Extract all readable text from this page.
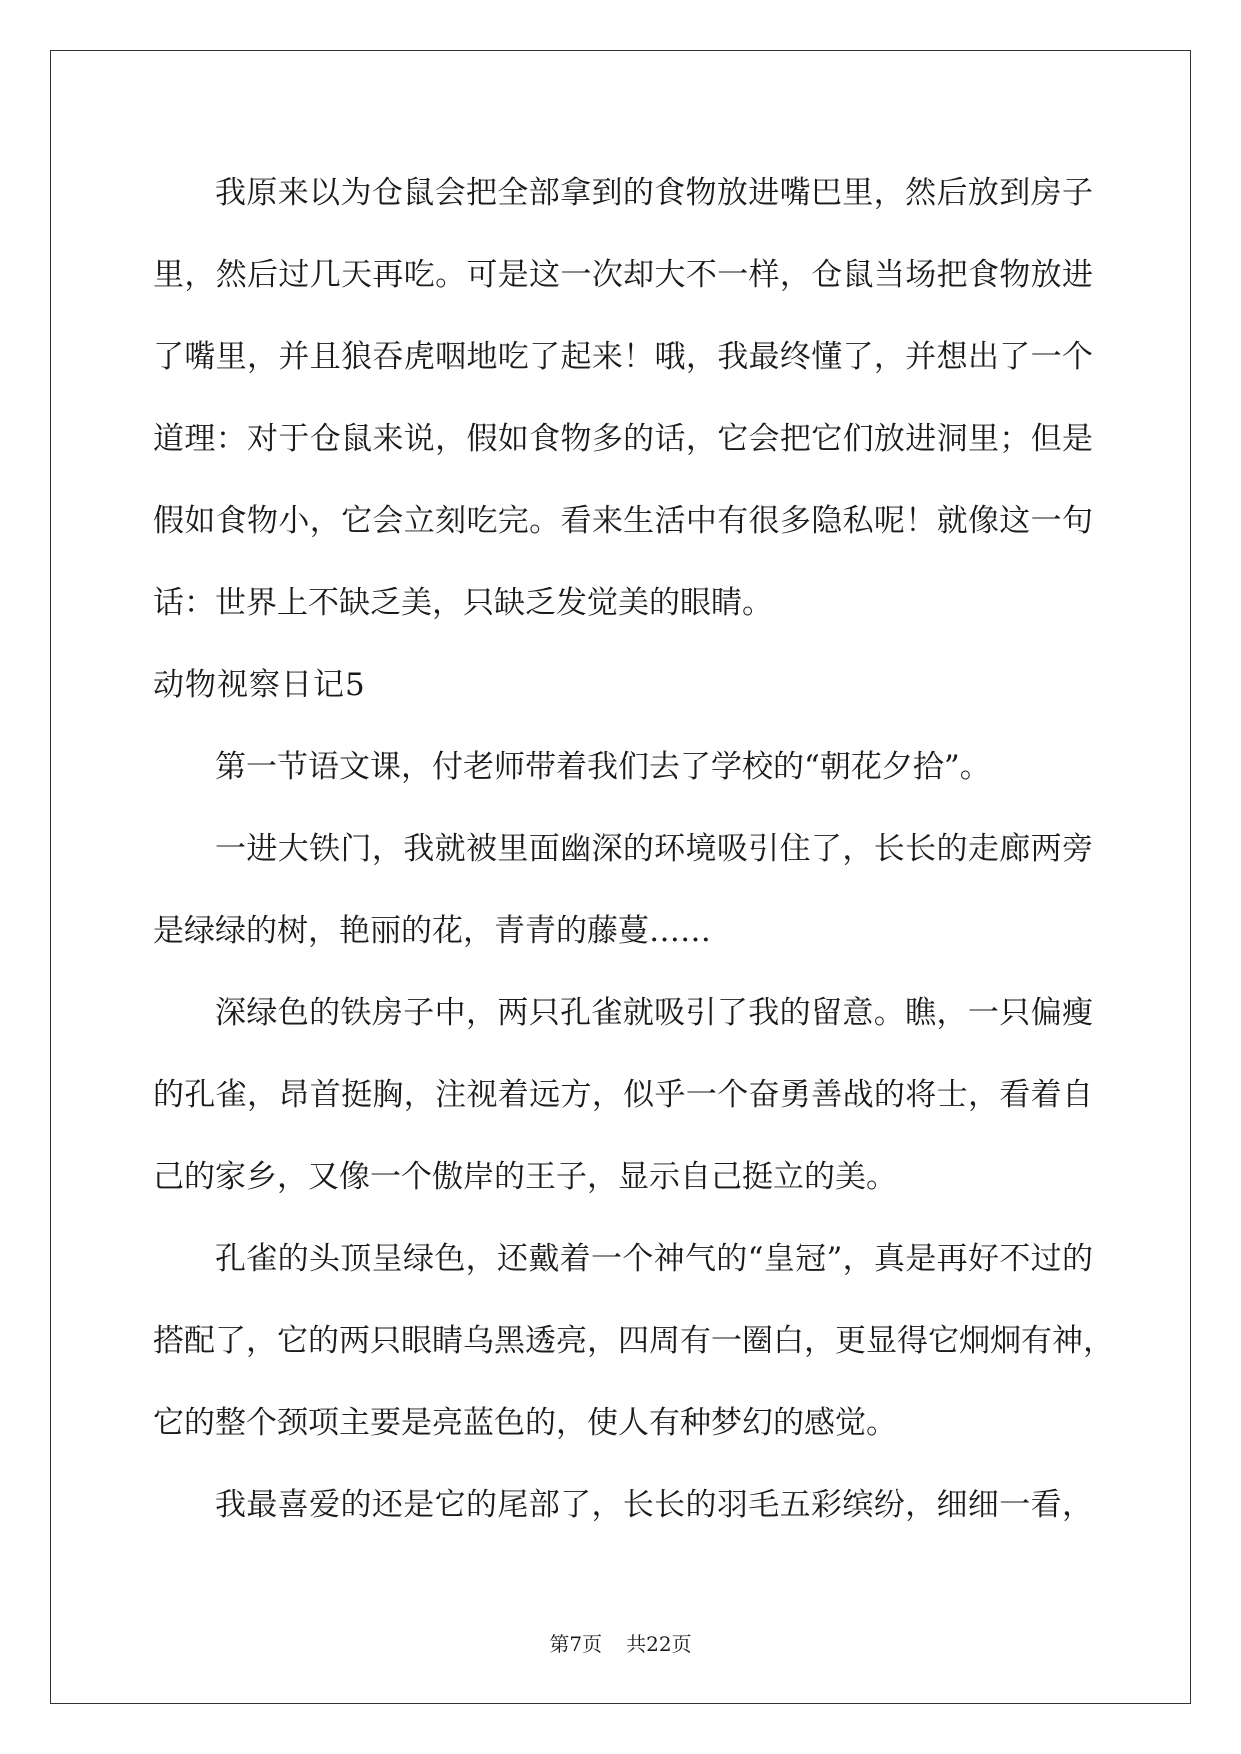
我原来以为仓鼠会把全部拿到的食物放进嘴巴里，然后放到房子
里，然后过几天再吃。可是这一次却大不一样，仓鼠当场把食物放进
了嘴里，并且狼吞虎咽地吃了起来！哦，我最终懂了，并想出了一个
道理：对于仓鼠来说，假如食物多的话，它会把它们放进洞里；但是
假如食物小，它会立刻吃完。看来生活中有很多隐私呢！就像这一句
话：世界上不缺乏美，只缺乏发觉美的眼睛。
动物视察日记5
第一节语文课，付老师带着我们去了学校的“朝花夕拾”。
一进大铁门，我就被里面幽深的环境吸引住了，长长的走廊两旁
是绿绿的树，艳丽的花，青青的藤蔓……
深绿色的铁房子中，两只孔雀就吸引了我的留意。瞧，一只偏瘦
的孔雀，昂首挺胸，注视着远方，似乎一个奋勇善战的将士，看着自
己的家乡，又像一个傲岸的王子，显示自己挺立的美。
孔雀的头顶呈绿色，还戴着一个神气的“皇冠”，真是再好不过的
搭配了，它的两只眼睛乌黑透亮，四周有一圈白，更显得它炯炯有神，
它的整个颈项主要是亮蓝色的，使人有种梦幻的感觉。
我最喜爱的还是它的尾部了，长长的羽毛五彩缤纷，细细一看，
第7页 共22页
